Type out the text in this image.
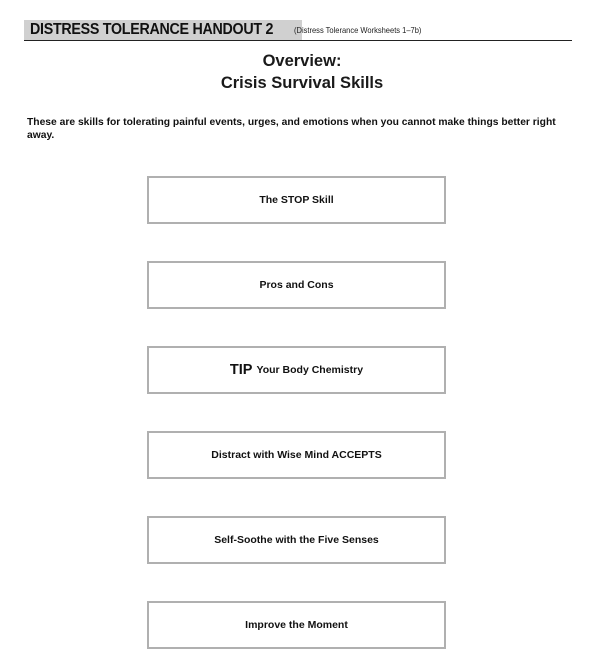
DISTRESS TOLERANCE HANDOUT 2	(Distress Tolerance Worksheets 1–7b)
Overview:
Crisis Survival Skills
These are skills for tolerating painful events, urges, and emotions when you cannot make things better right away.
The STOP Skill
Pros and Cons
TIP Your Body Chemistry
Distract with Wise Mind ACCEPTS
Self-Soothe with the Five Senses
Improve the Moment
